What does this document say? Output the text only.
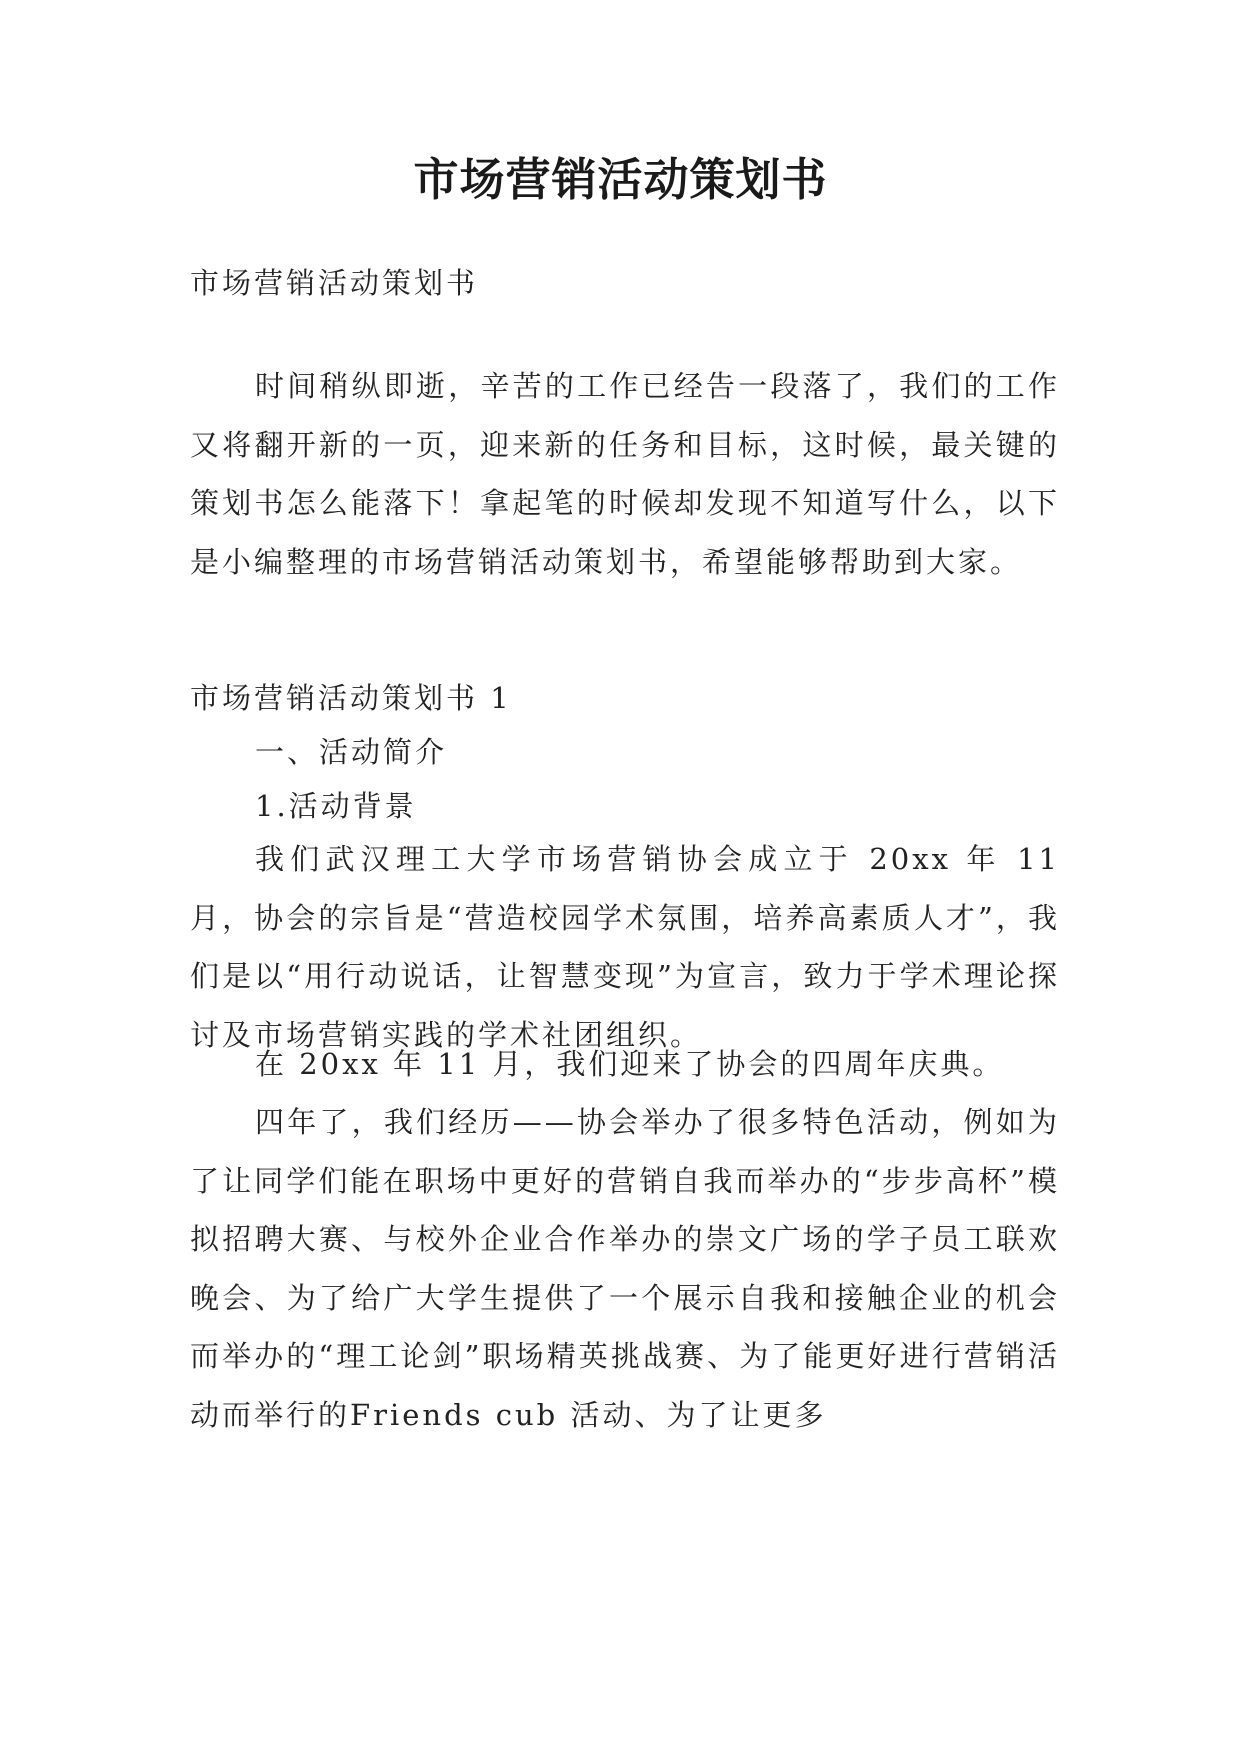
市场营销活动策划书

市场营销活动策划书

时间稍纵即逝，辛苦的工作已经告一段落了，我们的工作又将翻开新的一页，迎来新的任务和目标，这时候，最关键的策划书怎么能落下！拿起笔的时候却发现不知道写什么，以下是小编整理的市场营销活动策划书，希望能够帮助到大家。

市场营销活动策划书 1

一、活动简介

1.活动背景

我们武汉理工大学市场营销协会成立于 20xx 年 11 月，协会的宗旨是“营造校园学术氛围，培养高素质人才”，我们是以“用行动说话，让智慧变现”为宣言，致力于学术理论探讨及市场营销实践的学术社团组织。

在 20xx 年 11 月，我们迎来了协会的四周年庆典。

四年了，我们经历——协会举办了很多特色活动，例如为了让同学们能在职场中更好的营销自我而举办的“步步高杯”模拟招聘大赛、与校外企业合作举办的崇文广场的学子员工联欢晚会、为了给广大学生提供了一个展示自我和接触企业的机会而举办的“理工论剑”职场精英挑战赛、为了能更好进行营销活动而举行的Friends cub 活动、为了让更多
